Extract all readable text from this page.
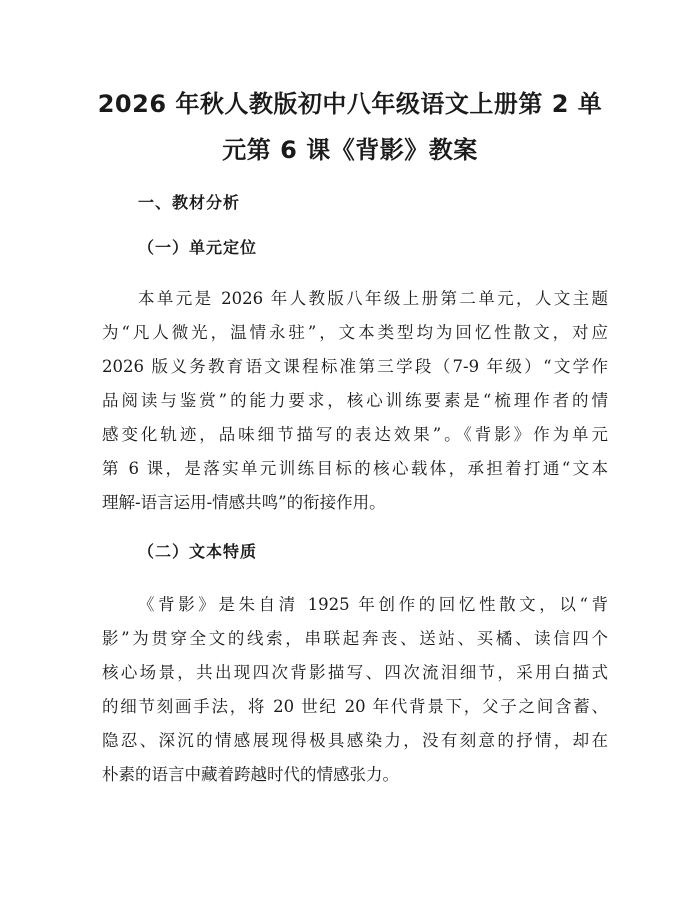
2026 年秋人教版初中八年级语文上册第 2 单
元第 6 课《背影》教案
一、教材分析
（一）单元定位

本单元是 2026 年人教版八年级上册第二单元，人文主题
为“凡人微光，温情永驻”，文本类型均为回忆性散文，对应
2026 版义务教育语文课程标准第三学段（7-9 年级）“文学作
品阅读与鉴赏”的能力要求，核心训练要素是“梳理作者的情
感变化轨迹，品味细节描写的表达效果”。《背影》作为单元
第 6 课，是落实单元训练目标的核心载体，承担着打通“文本
理解-语言运用-情感共鸣”的衔接作用。

（二）文本特质

《背影》是朱自清 1925 年创作的回忆性散文，以“背
影”为贯穿全文的线索，串联起奔丧、送站、买橘、读信四个
核心场景，共出现四次背影描写、四次流泪细节，采用白描式
的细节刻画手法，将 20 世纪 20 年代背景下，父子之间含蓄、
隐忍、深沉的情感展现得极具感染力，没有刻意的抒情，却在
朴素的语言中藏着跨越时代的情感张力。
